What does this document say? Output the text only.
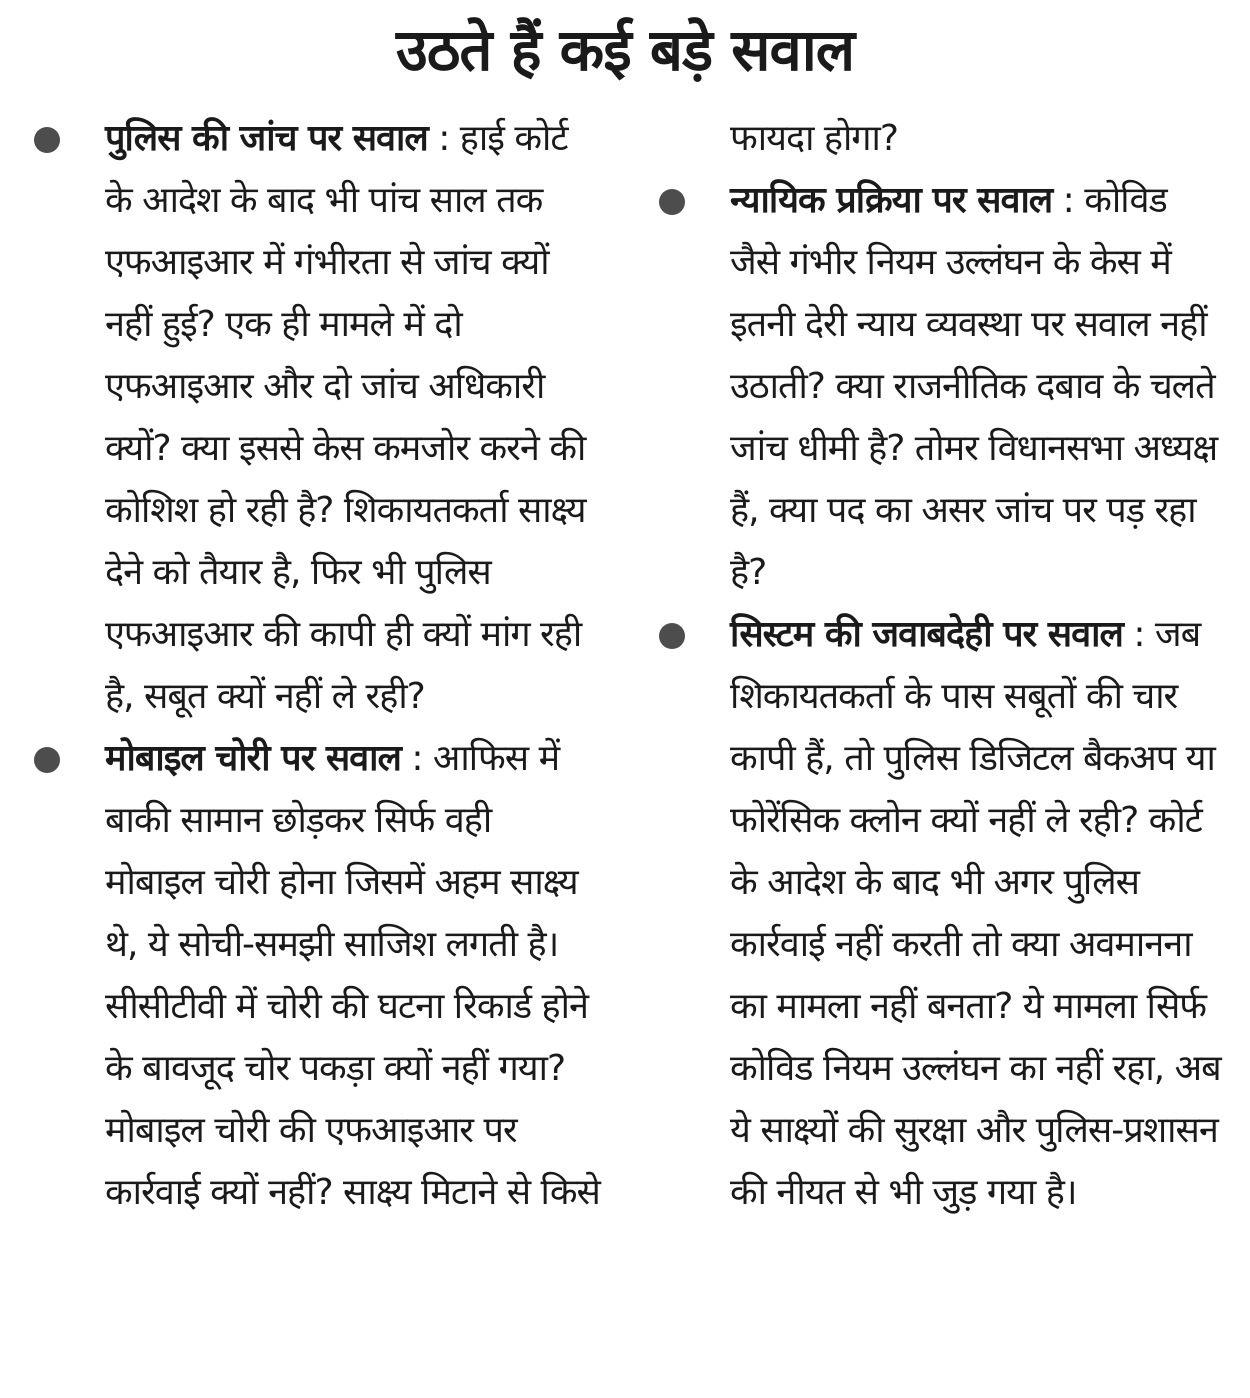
उठते हैं कई बड़े सवाल

पुलिस की जांच पर सवाल : हाई कोर्ट के आदेश के बाद भी पांच साल तक एफआइआर में गंभीरता से जांच क्यों नहीं हुई? एक ही मामले में दो एफआइआर और दो जांच अधिकारी क्यों? क्या इससे केस कमजोर करने की कोशिश हो रही है? शिकायतकर्ता साक्ष्य देने को तैयार है, फिर भी पुलिस एफआइआर की कापी ही क्यों मांग रही है, सबूत क्यों नहीं ले रही?

मोबाइल चोरी पर सवाल : आफिस में बाकी सामान छोड़कर सिर्फ वही मोबाइल चोरी होना जिसमें अहम साक्ष्य थे, ये सोची-समझी साजिश लगती है। सीसीटीवी में चोरी की घटना रिकार्ड होने के बावजूद चोर पकड़ा क्यों नहीं गया? मोबाइल चोरी की एफआइआर पर कार्रवाई क्यों नहीं? साक्ष्य मिटाने से किसे

फायदा होगा?

न्यायिक प्रक्रिया पर सवाल : कोविड जैसे गंभीर नियम उल्लंघन के केस में इतनी देरी न्याय व्यवस्था पर सवाल नहीं उठाती? क्या राजनीतिक दबाव के चलते जांच धीमी है? तोमर विधानसभा अध्यक्ष हैं, क्या पद का असर जांच पर पड़ रहा है?

सिस्टम की जवाबदेही पर सवाल : जब शिकायतकर्ता के पास सबूतों की चार कापी हैं, तो पुलिस डिजिटल बैकअप या फोरेंसिक क्लोन क्यों नहीं ले रही? कोर्ट के आदेश के बाद भी अगर पुलिस कार्रवाई नहीं करती तो क्या अवमानना का मामला नहीं बनता? ये मामला सिर्फ कोविड नियम उल्लंघन का नहीं रहा, अब ये साक्ष्यों की सुरक्षा और पुलिस-प्रशासन की नीयत से भी जुड़ गया है।
